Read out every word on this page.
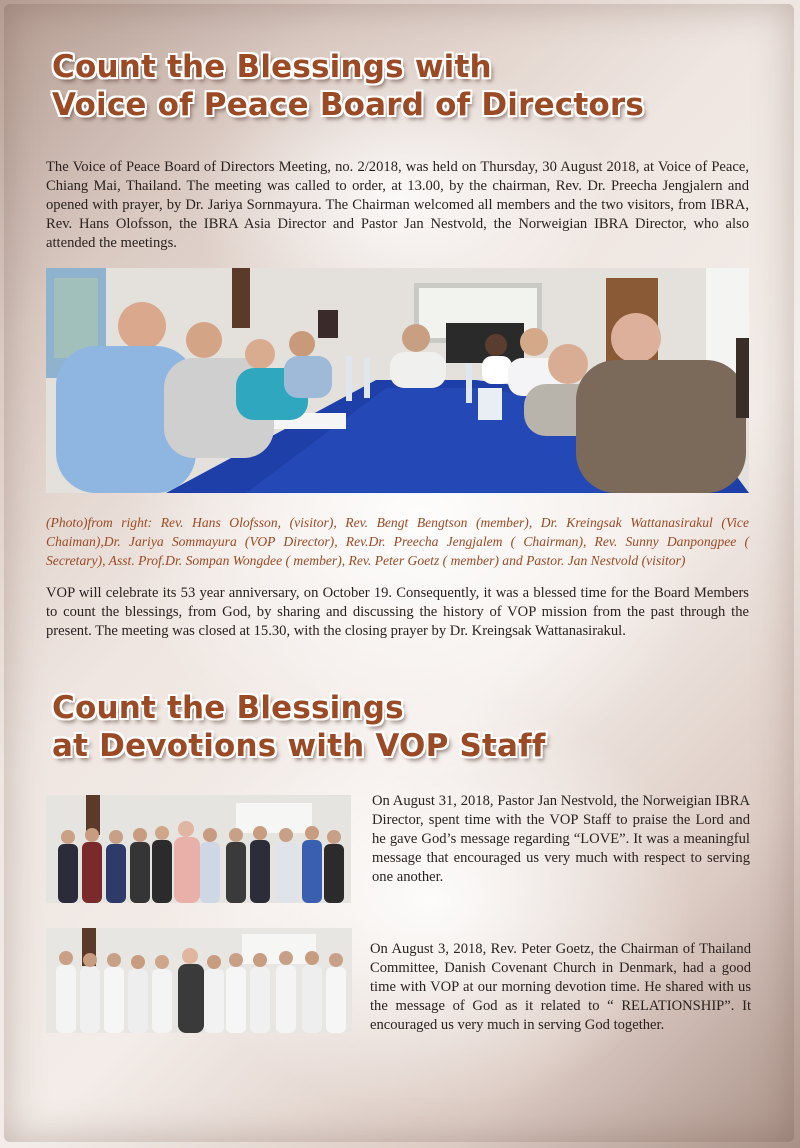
Count the Blessings with
Voice of Peace Board of Directors

The Voice of Peace Board of Directors Meeting, no. 2/2018, was held on Thursday, 30 August 2018, at Voice of Peace, Chiang Mai, Thailand. The meeting was called to order, at 13.00, by the chairman, Rev. Dr. Preecha Jengjalern and opened with prayer, by Dr. Jariya Sornmayura. The Chairman welcomed all members and the two visitors, from IBRA, Rev. Hans Olofsson, the IBRA Asia Director and Pastor Jan Nestvold, the Norweigian IBRA Director, who also attended the meetings.

(Photo)from right: Rev. Hans Olofsson, (visitor), Rev. Bengt Bengtson (member), Dr. Kreingsak Wattanasirakul (Vice Chaiman),Dr. Jariya Sommayura (VOP Director), Rev.Dr. Preecha Jengjalem ( Chairman), Rev. Sunny Danpongpee ( Secretary), Asst. Prof.Dr. Sompan Wongdee ( member), Rev. Peter Goetz ( member) and Pastor. Jan Nestvold (visitor)

VOP will celebrate its 53 year anniversary, on October 19. Consequently, it was a blessed time for the Board Members to count the blessings, from God, by sharing and discussing the history of VOP mission from the past through the present. The meeting was closed at 15.30, with the closing prayer by Dr. Kreingsak Wattanasirakul.

Count the Blessings
at Devotions with VOP Staff

On August 31, 2018, Pastor Jan Nestvold, the Norweigian IBRA Director, spent time with the VOP Staff to praise the Lord and he gave God’s message regarding “LOVE”. It was a meaningful message that encouraged us very much with respect to serving one another.

On August 3, 2018, Rev. Peter Goetz, the Chairman of Thailand Committee, Danish Covenant Church in Denmark, had a good time with VOP at our morning devotion time. He shared with us the message of God as it related to “ RELATIONSHIP”. It encouraged us very much in serving God together.
